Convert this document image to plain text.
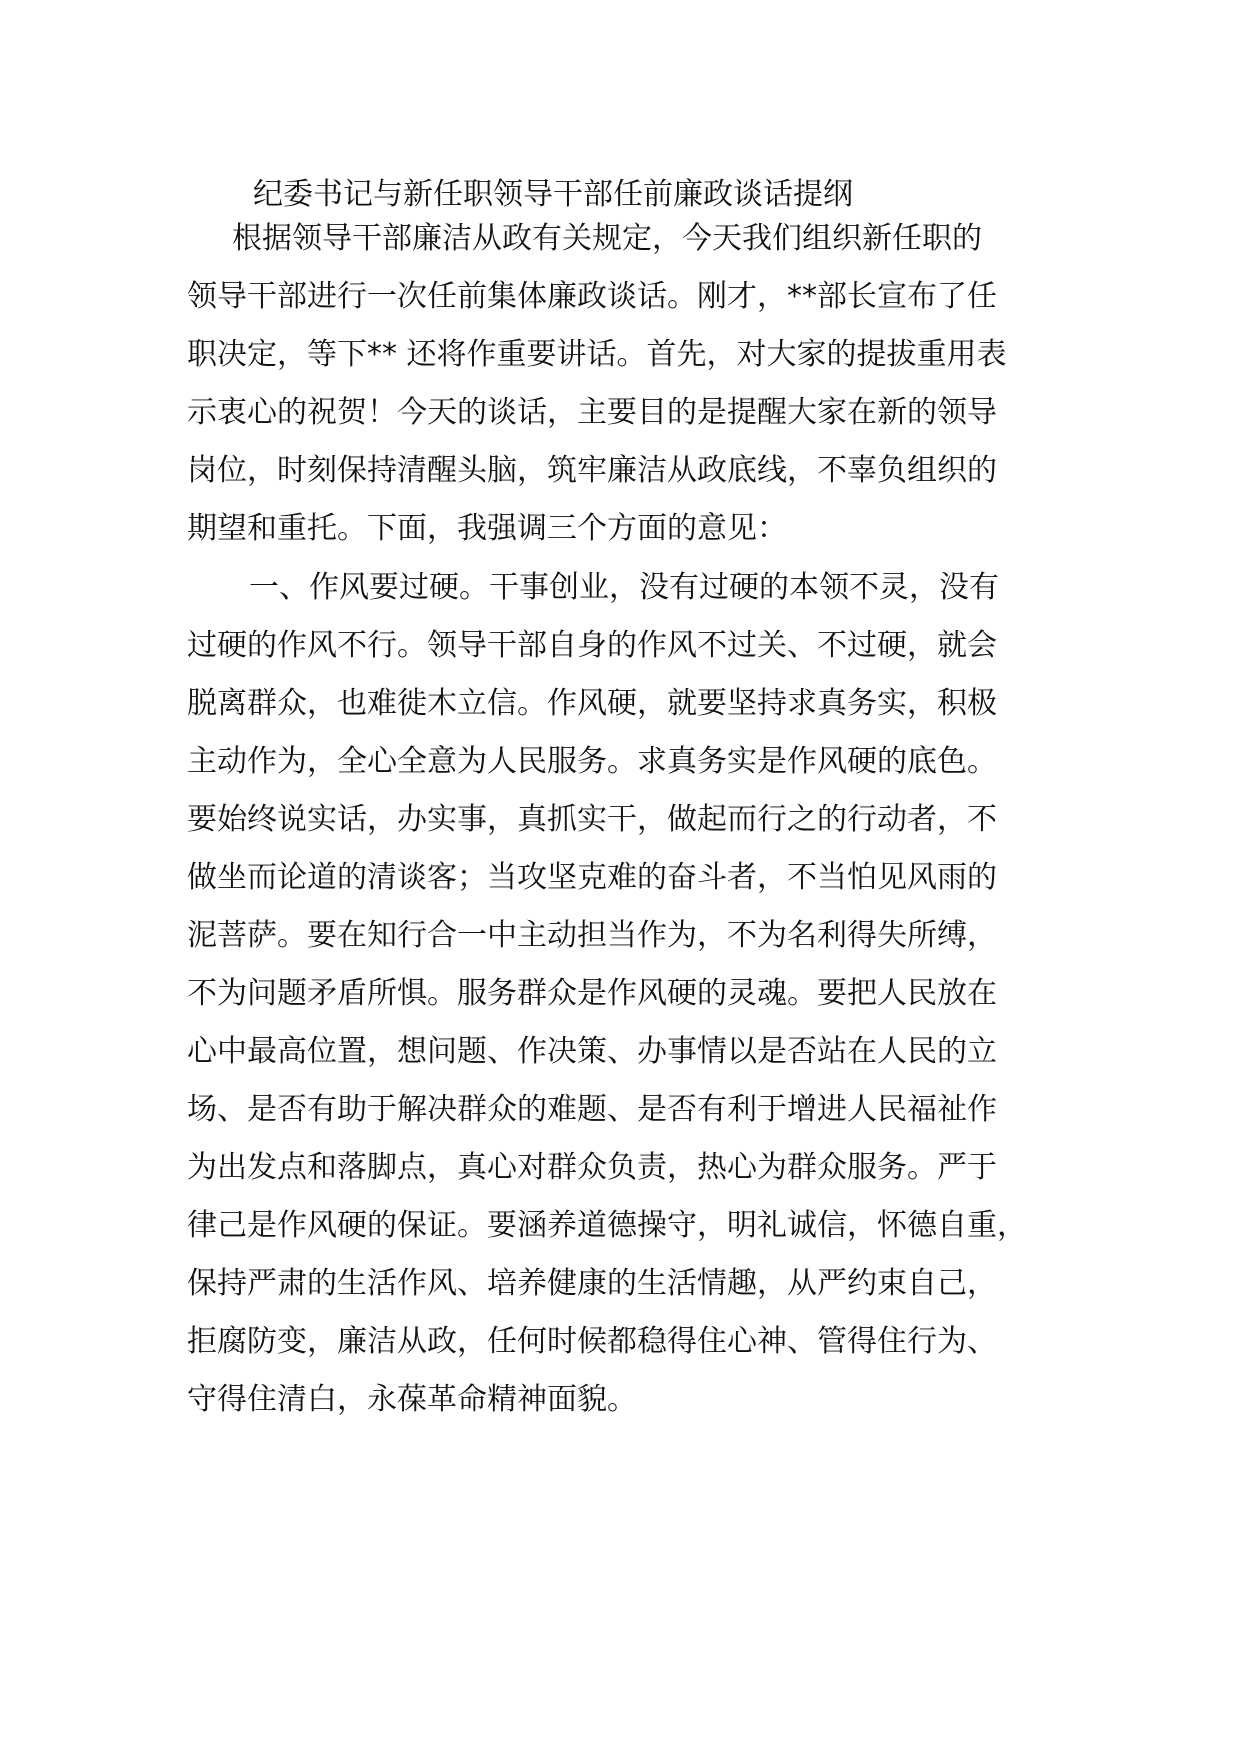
纪委书记与新任职领导干部任前廉政谈话提纲
根据领导干部廉洁从政有关规定，今天我们组织新任职的
领导干部进行一次任前集体廉政谈话。刚才，**部长宣布了任
职决定，等下** 还将作重要讲话。首先，对大家的提拔重用表
示衷心的祝贺！今天的谈话，主要目的是提醒大家在新的领导
岗位，时刻保持清醒头脑，筑牢廉洁从政底线，不辜负组织的
期望和重托。下面，我强调三个方面的意见：
一、作风要过硬。干事创业，没有过硬的本领不灵，没有
过硬的作风不行。领导干部自身的作风不过关、不过硬，就会
脱离群众，也难徙木立信。作风硬，就要坚持求真务实，积极
主动作为，全心全意为人民服务。求真务实是作风硬的底色。
要始终说实话，办实事，真抓实干，做起而行之的行动者，不
做坐而论道的清谈客；当攻坚克难的奋斗者，不当怕见风雨的
泥菩萨。要在知行合一中主动担当作为，不为名利得失所缚，
不为问题矛盾所惧。服务群众是作风硬的灵魂。要把人民放在
心中最高位置，想问题、作决策、办事情以是否站在人民的立
场、是否有助于解决群众的难题、是否有利于增进人民福祉作
为出发点和落脚点，真心对群众负责，热心为群众服务。严于
律己是作风硬的保证。要涵养道德操守，明礼诚信，怀德自重，
保持严肃的生活作风、培养健康的生活情趣，从严约束自己，
拒腐防变，廉洁从政，任何时候都稳得住心神、管得住行为、
守得住清白，永葆革命精神面貌。
